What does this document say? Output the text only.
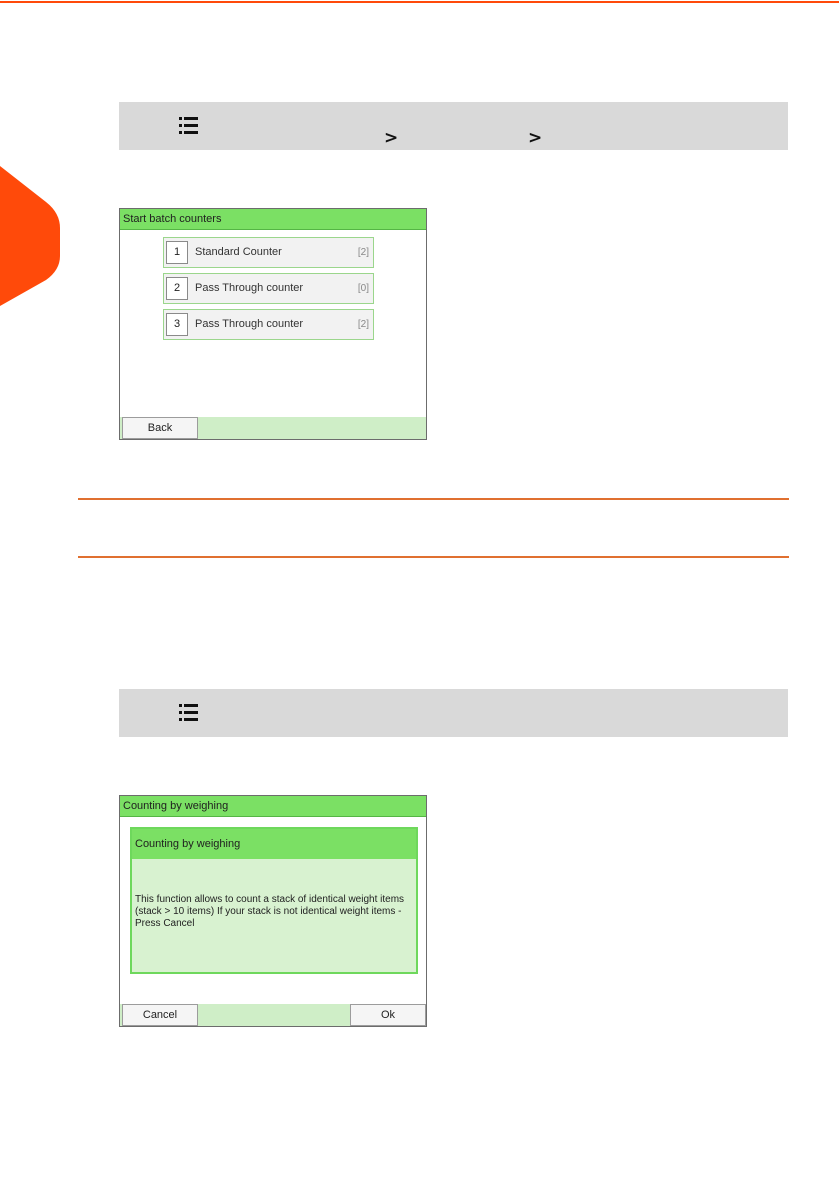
>	>
Start batch counters
1	Standard Counter	[2]
2	Pass Through counter	[0]
3	Pass Through counter	[2]
Back
Counting by weighing
Counting by weighing
This function allows to count a stack of identical weight items (stack > 10 items) If your stack is not identical weight items - Press Cancel
Cancel	Ok
